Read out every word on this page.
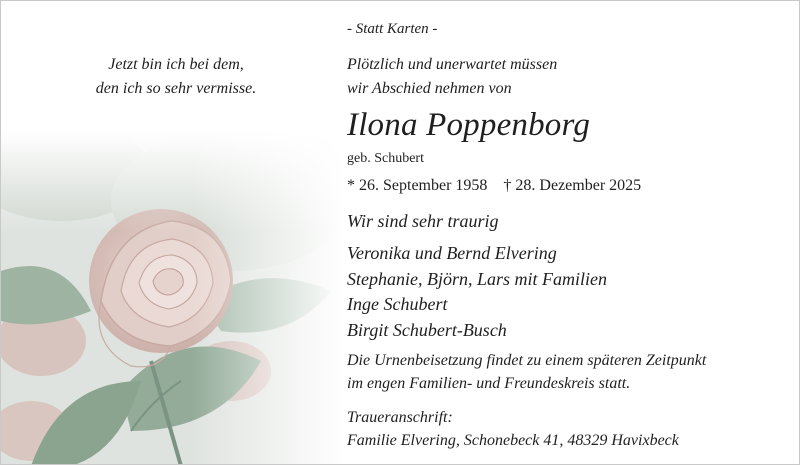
Jetzt bin ich bei dem,
den ich so sehr vermisse.
- Statt Karten -
Plötzlich und unerwartet müssen
wir Abschied nehmen von
Ilona Poppenborg
geb. Schubert
* 26. September 1958 † 28. Dezember 2025
Wir sind sehr traurig
Veronika und Bernd Elvering
Stephanie, Björn, Lars mit Familien
Inge Schubert
Birgit Schubert-Busch
Die Urnenbeisetzung findet zu einem späteren Zeitpunkt
im engen Familien- und Freundeskreis statt.
Traueranschrift:
Familie Elvering, Schonebeck 41, 48329 Havixbeck
